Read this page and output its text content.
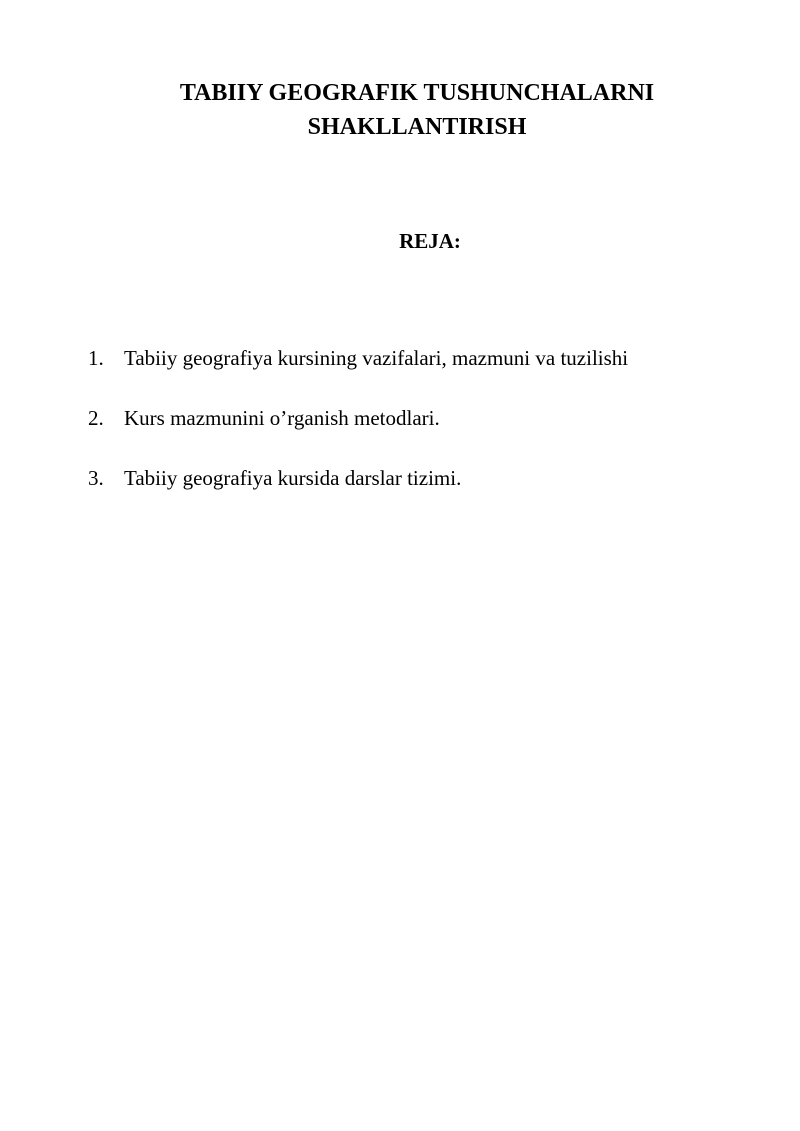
TABIIY GEOGRAFIK TUSHUNCHALARNI
SHAKLLANTIRISH
REJA:
1. Tabiiy geografiya kursining vazifalari, mazmuni va tuzilishi
2. Kurs mazmunini o’rganish metodlari.
3. Tabiiy geografiya kursida darslar tizimi.
